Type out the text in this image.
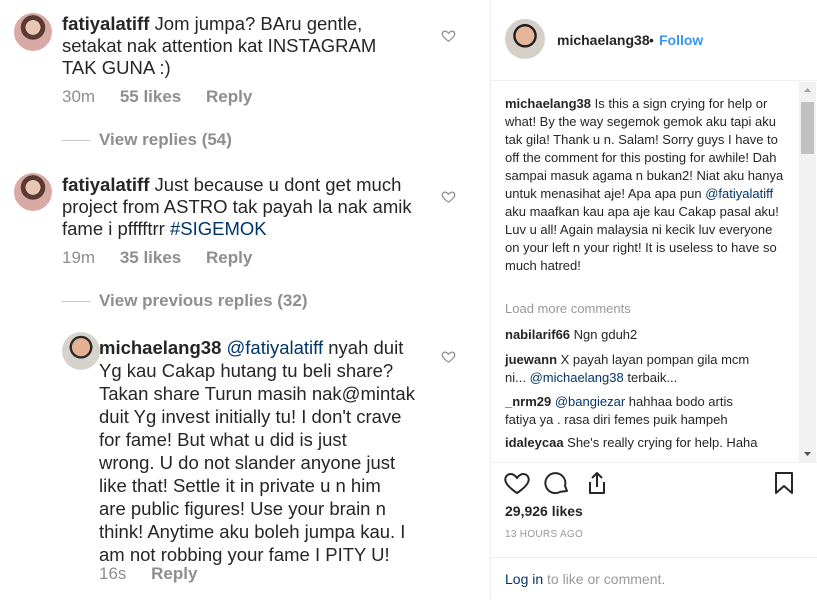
fatiyalatiff Jom jumpa? BAru gentle,
setakat nak attention kat INSTAGRAM
TAK GUNA :)
30m 55 likes Reply
View replies (54)
fatiyalatiff Just because u dont get much
project from ASTRO tak payah la nak amik
fame i pfffftrr #SIGEMOK
19m 35 likes Reply
View previous replies (32)
michaelang38 @fatiyalatiff nyah duit
Yg kau Cakap hutang tu beli share?
Takan share Turun masih nak@mintak
duit Yg invest initially tu! I don't crave
for fame! But what u did is just
wrong. U do not slander anyone just
like that! Settle it in private u n him
are public figures! Use your brain n
think! Anytime aku boleh jumpa kau. I
am not robbing your fame I PITY U!
16s Reply
michaelang38 • Follow
michaelang38 Is this a sign crying for help or what! By the way segemok gemok aku tapi aku tak gila! Thank u n. Salam! Sorry guys I have to off the comment for this posting for awhile! Dah sampai masuk agama n bukan2! Niat aku hanya untuk menasihat aje! Apa apa pun @fatiyalatiff aku maafkan kau apa aje kau Cakap pasal aku! Luv u all! Again malaysia ni kecik luv everyone on your left n your right! It is useless to have so much hatred!
Load more comments
nabilarif66 Ngn gduh2
juewann X payah layan pompan gila mcm ni... @michaelang38 terbaik...
_nrm29 @bangiezar hahhaa bodo artis fatiya ya . rasa diri femes puik hampeh
idaleycaa She's really crying for help. Haha
29,926 likes
13 HOURS AGO
Log in to like or comment.
